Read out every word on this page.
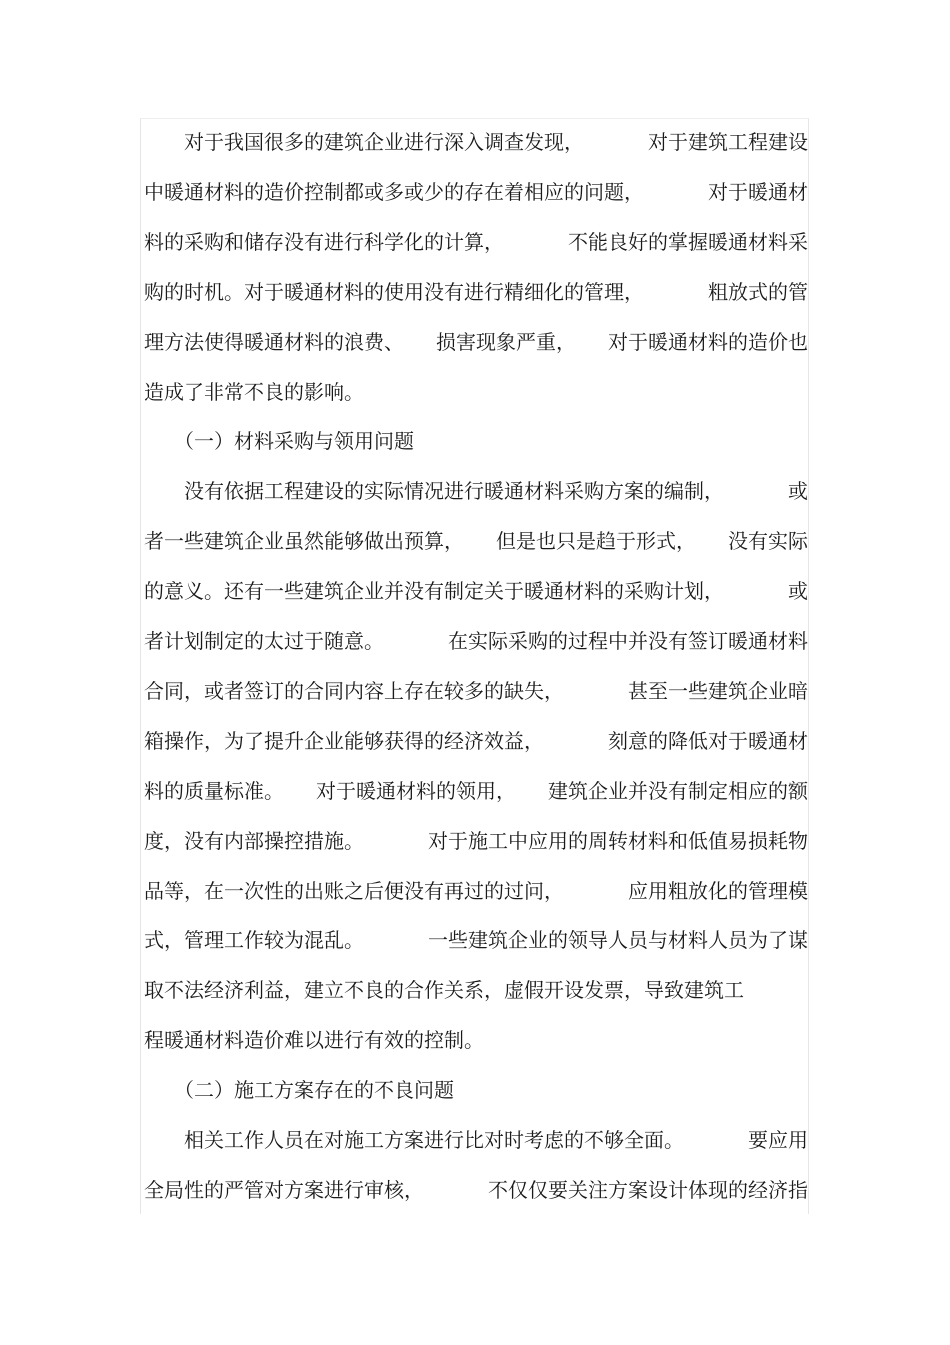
　　对于我国很多的建筑企业进行深入调查发现，	对于建筑工程建设
中暖通材料的造价控制都或多或少的存在着相应的问题，	对于暖通材
料的采购和储存没有进行科学化的计算，	不能良好的掌握暖通材料采
购的时机。对于暖通材料的使用没有进行精细化的管理，	粗放式的管
理方法使得暖通材料的浪费、 损害现象严重， 对于暖通材料的造价也
造成了非常不良的影响。
　　（一）材料采购与领用问题
　　没有依据工程建设的实际情况进行暖通材料采购方案的编制，	或
者一些建筑企业虽然能够做出预算， 但是也只是趋于形式， 没有实际
的意义。还有一些建筑企业并没有制定关于暖通材料的采购计划，	或
者计划制定的太过于随意。	在实际采购的过程中并没有签订暖通材料
合同，或者签订的合同内容上存在较多的缺失，	甚至一些建筑企业暗
箱操作，为了提升企业能够获得的经济效益，	刻意的降低对于暖通材
料的质量标准。 对于暖通材料的领用， 建筑企业并没有制定相应的额
度，没有内部操控措施。	对于施工中应用的周转材料和低值易损耗物
品等，在一次性的出账之后便没有再过的过问，	应用粗放化的管理模
式，管理工作较为混乱。	一些建筑企业的领导人员与材料人员为了谋
取不法经济利益，建立不良的合作关系，虚假开设发票，导致建筑工
程暖通材料造价难以进行有效的控制。
　　（二）施工方案存在的不良问题
　　相关工作人员在对施工方案进行比对时考虑的不够全面。	要应用
全局性的严管对方案进行审核，	不仅仅要关注方案设计体现的经济指
